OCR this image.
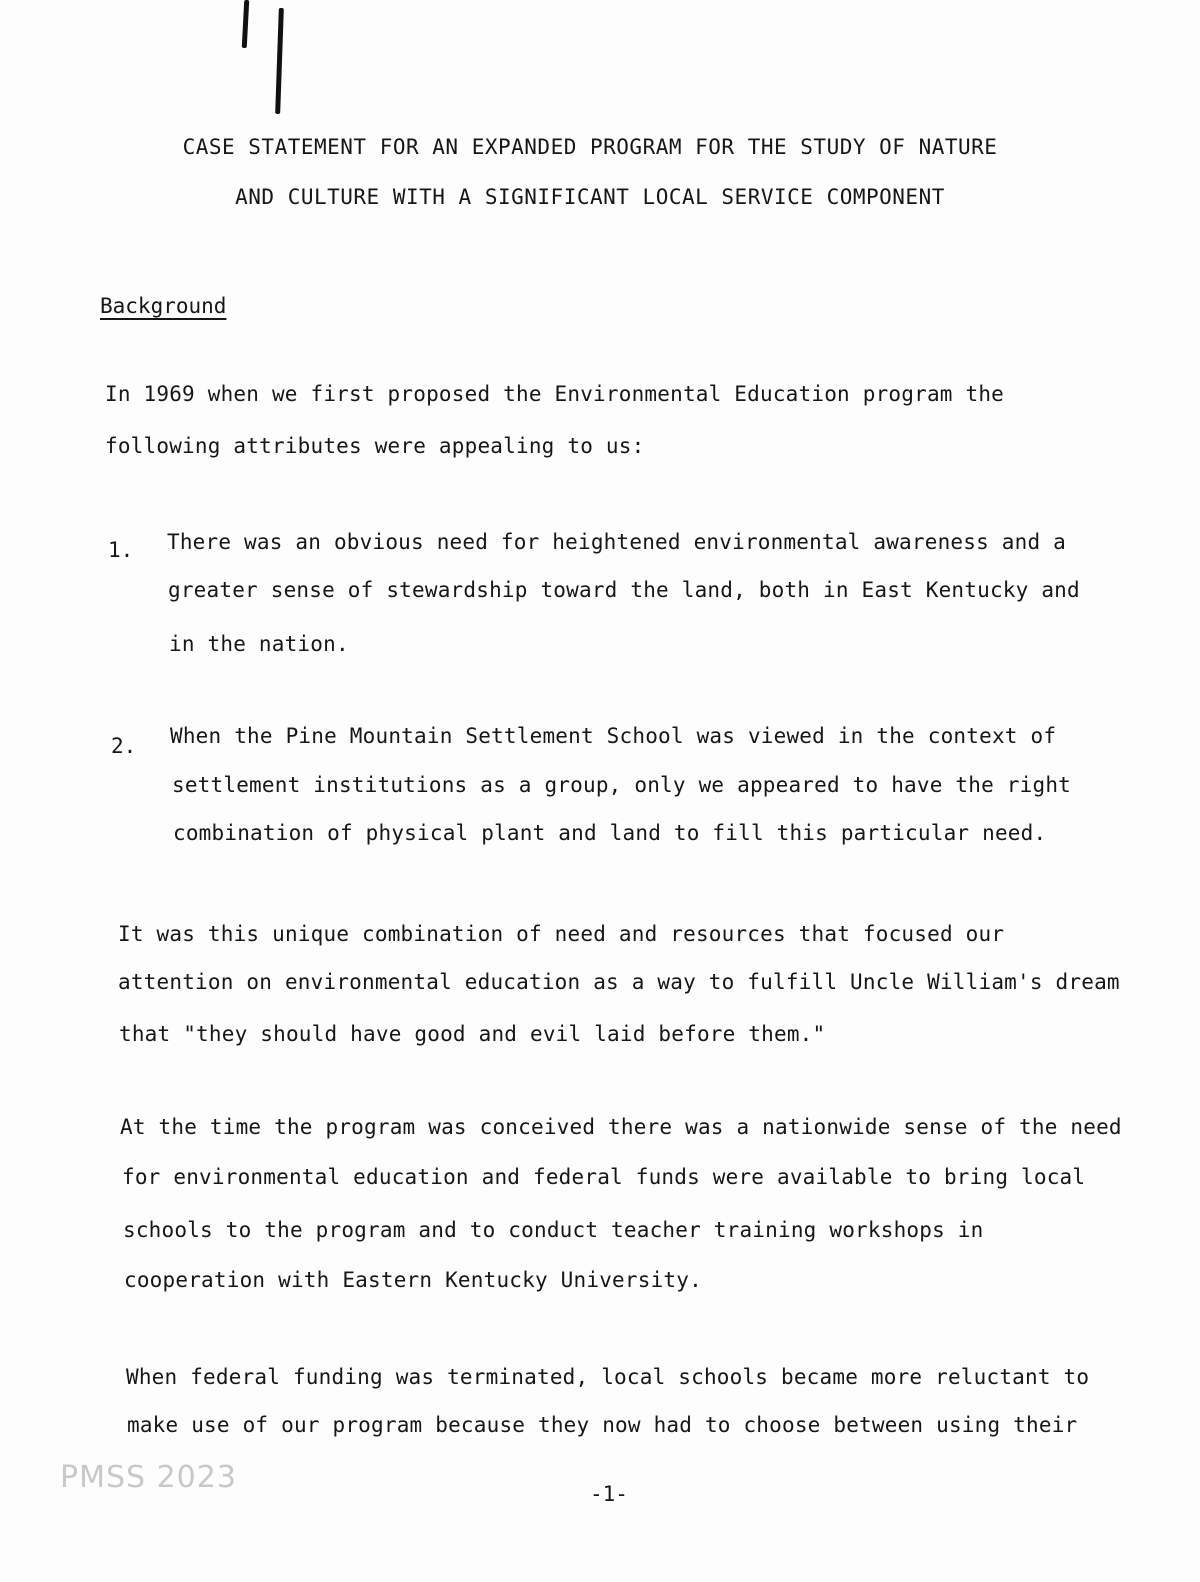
CASE STATEMENT FOR AN EXPANDED PROGRAM FOR THE STUDY OF NATURE
AND CULTURE WITH A SIGNIFICANT LOCAL SERVICE COMPONENT
Background
In 1969 when we first proposed the Environmental Education program the
following attributes were appealing to us:
1. There was an obvious need for heightened environmental awareness and a
greater sense of stewardship toward the land, both in East Kentucky and
in the nation.
2. When the Pine Mountain Settlement School was viewed in the context of
settlement institutions as a group, only we appeared to have the right
combination of physical plant and land to fill this particular need.
It was this unique combination of need and resources that focused our
attention on environmental education as a way to fulfill Uncle William's dream
that "they should have good and evil laid before them."
At the time the program was conceived there was a nationwide sense of the need
for environmental education and federal funds were available to bring local
schools to the program and to conduct teacher training workshops in
cooperation with Eastern Kentucky University.
When federal funding was terminated, local schools became more reluctant to
make use of our program because they now had to choose between using their
-1-
PMSS 2023
